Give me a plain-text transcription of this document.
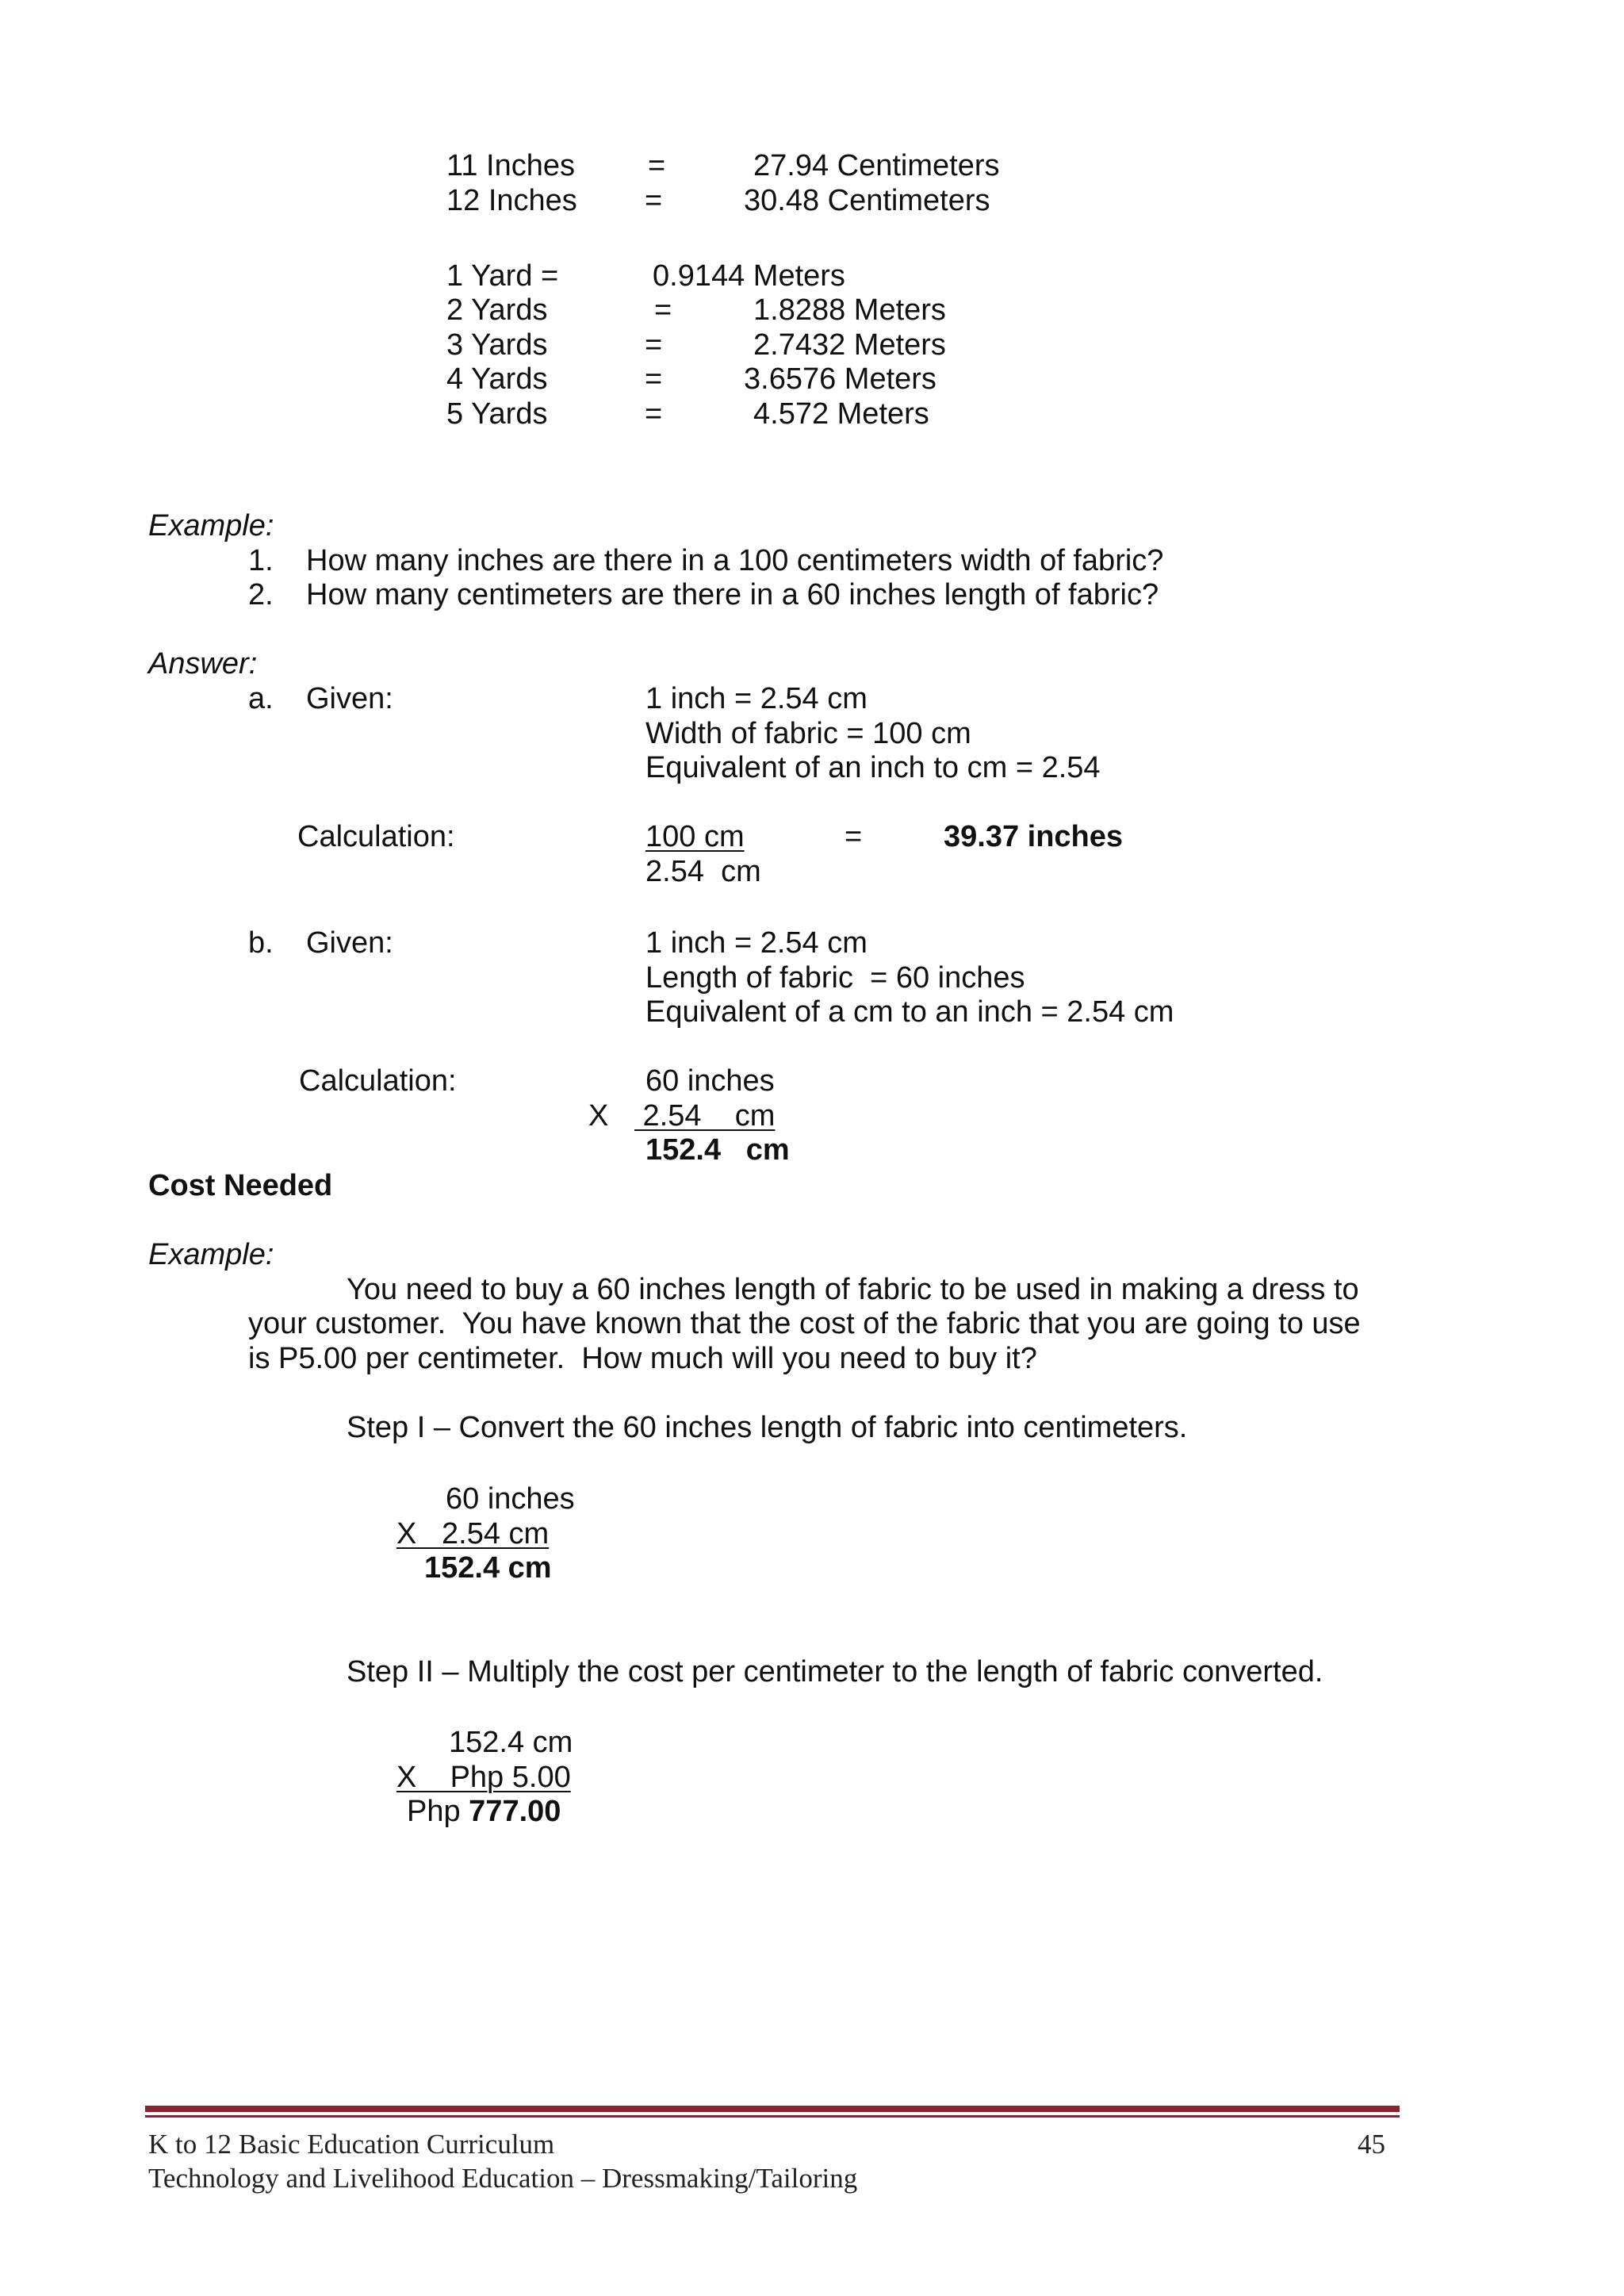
11 Inches =	27.94 Centimeters
12 Inches =	30.48 Centimeters
1 Yard =	0.9144 Meters
2 Yards	=	1.8288 Meters
3 Yards	=	2.7432 Meters
4 Yards	=	3.6576 Meters
5 Yards	=	4.572 Meters
Example:
1. How many inches are there in a 100 centimeters width of fabric?
2. How many centimeters are there in a 60 inches length of fabric?
Answer:
a. Given:	1 inch = 2.54 cm
Width of fabric = 100 cm
Equivalent of an inch to cm = 2.54
Calculation:	100 cm	=	39.37 inches
2.54  cm
b. Given:	1 inch = 2.54 cm
Length of fabric  = 60 inches
Equivalent of a cm to an inch = 2.54 cm
Calculation:	60 inches
X 2.54    cm
152.4   cm
Cost Needed
Example:
You need to buy a 60 inches length of fabric to be used in making a dress to
your customer.  You have known that the cost of the fabric that you are going to use
is P5.00 per centimeter.  How much will you need to buy it?
Step I – Convert the 60 inches length of fabric into centimeters.
60 inches
X   2.54 cm
152.4 cm
Step II – Multiply the cost per centimeter to the length of fabric converted.
152.4 cm
X    Php 5.00
Php 777.00
K to 12 Basic Education Curriculum
Technology and Livelihood Education – Dressmaking/Tailoring
45
